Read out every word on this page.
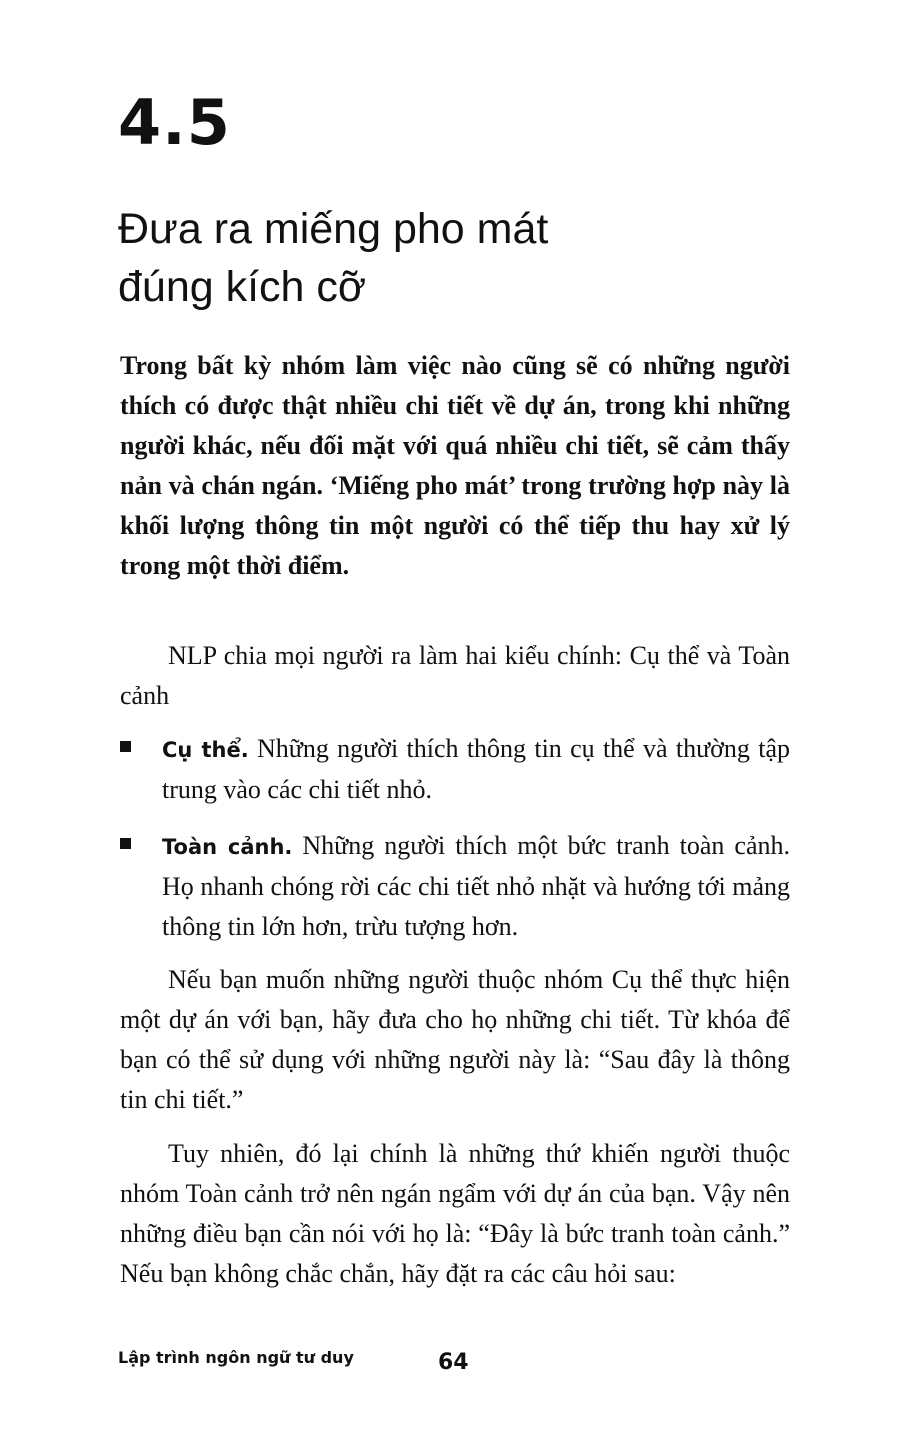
4.5
Đưa ra miếng pho mát
đúng kích cỡ

Trong bất kỳ nhóm làm việc nào cũng sẽ có những người thích có được thật nhiều chi tiết về dự án, trong khi những người khác, nếu đối mặt với quá nhiều chi tiết, sẽ cảm thấy nản và chán ngán. ‘Miếng pho mát’ trong trường hợp này là khối lượng thông tin một người có thể tiếp thu hay xử lý trong một thời điểm.

NLP chia mọi người ra làm hai kiểu chính: Cụ thể và Toàn cảnh

Cụ thể. Những người thích thông tin cụ thể và thường tập trung vào các chi tiết nhỏ.
Toàn cảnh. Những người thích một bức tranh toàn cảnh. Họ nhanh chóng rời các chi tiết nhỏ nhặt và hướng tới mảng thông tin lớn hơn, trừu tượng hơn.

Nếu bạn muốn những người thuộc nhóm Cụ thể thực hiện một dự án với bạn, hãy đưa cho họ những chi tiết. Từ khóa để bạn có thể sử dụng với những người này là: “Sau đây là thông tin chi tiết.”

Tuy nhiên, đó lại chính là những thứ khiến người thuộc nhóm Toàn cảnh trở nên ngán ngẩm với dự án của bạn. Vậy nên những điều bạn cần nói với họ là: “Đây là bức tranh toàn cảnh.” Nếu bạn không chắc chắn, hãy đặt ra các câu hỏi sau:

Lập trình ngôn ngữ tư duy	64
